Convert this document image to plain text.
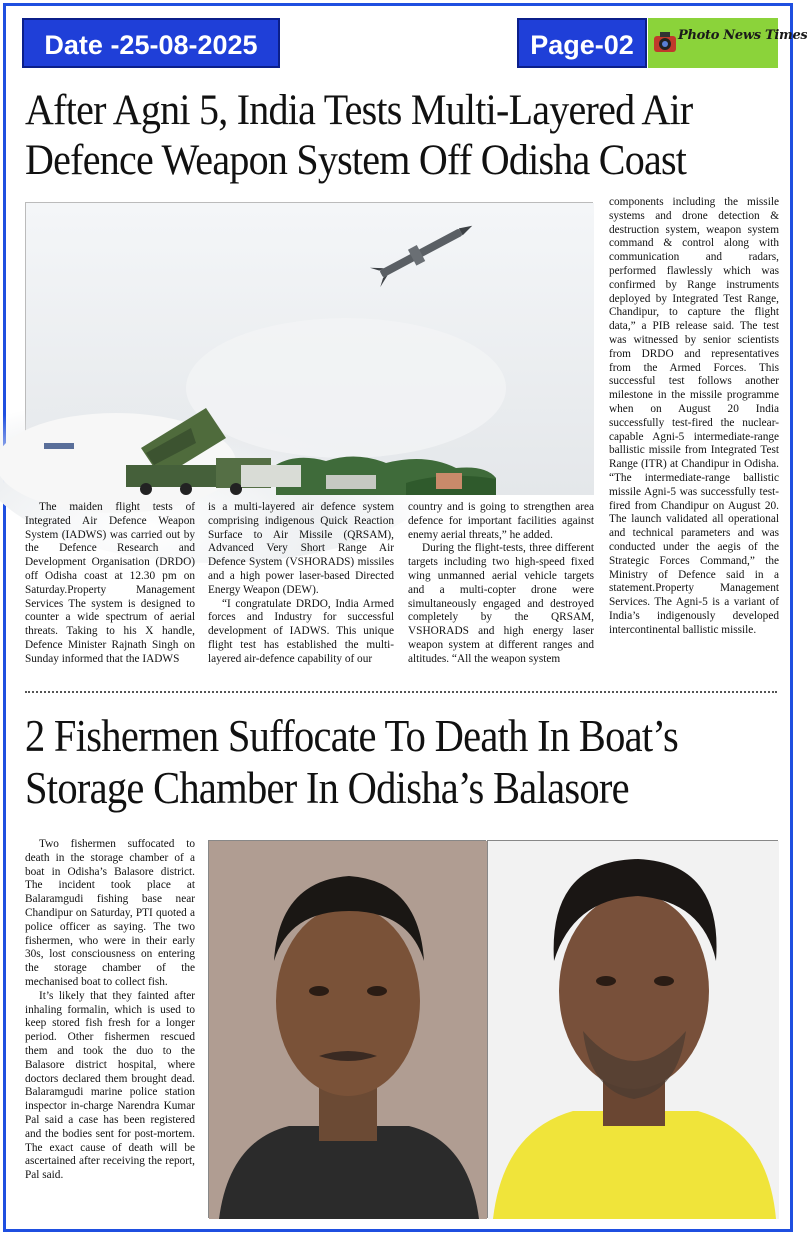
Date -25-08-2025	Page-02	Photo News Times
After Agni 5, India Tests Multi-Layered Air Defence Weapon System Off Odisha Coast

The maiden flight tests of Integrated Air Defence Weapon System (IADWS) was carried out by the Defence Research and Development Organisation (DRDO) off Odisha coast at 12.30 pm on Saturday.Property Management Services The system is designed to counter a wide spectrum of aerial threats. Taking to his X handle, Defence Minister Rajnath Singh on Sunday informed that the IADWS

is a multi-layered air defence system comprising indigenous Quick Reaction Surface to Air Missile (QRSAM), Advanced Very Short Range Air Defence System (VSHORADS) missiles and a high power laser-based Directed Energy Weapon (DEW).

“I congratulate DRDO, India Armed forces and Industry for successful development of IADWS. This unique flight test has established the multi-layered air-defence capability of our

country and is going to strengthen area defence for important facilities against enemy aerial threats,” he added.

During the flight-tests, three different targets including two high-speed fixed wing unmanned aerial vehicle targets and a multi-copter drone were simultaneously engaged and destroyed completely by the QRSAM, VSHORADS and high energy laser weapon system at different ranges and altitudes. “All the weapon system

components including the missile systems and drone detection & destruction system, weapon system command & control along with communication and radars, performed flawlessly which was confirmed by Range instruments deployed by Integrated Test Range, Chandipur, to capture the flight data,” a PIB release said. The test was witnessed by senior scientists from DRDO and representatives from the Armed Forces. This successful test follows another milestone in the missile programme when on August 20 India successfully test-fired the nuclear-capable Agni-5 intermediate-range ballistic missile from Integrated Test Range (ITR) at Chandipur in Odisha. “The intermediate-range ballistic missile Agni-5 was successfully test-fired from Chandipur on August 20. The launch validated all operational and technical parameters and was conducted under the aegis of the Strategic Forces Command,” the Ministry of Defence said in a statement.Property Management Services. The Agni-5 is a variant of India’s indigenously developed intercontinental ballistic missile.

2 Fishermen Suffocate To Death In Boat’s Storage Chamber In Odisha’s Balasore

Two fishermen suffocated to death in the storage chamber of a boat in Odisha’s Balasore district. The incident took place at Balaramgudi fishing base near Chandipur on Saturday, PTI quoted a police officer as saying. The two fishermen, who were in their early 30s, lost consciousness on entering the storage chamber of the mechanised boat to collect fish.

It’s likely that they fainted after inhaling formalin, which is used to keep stored fish fresh for a longer period. Other fishermen rescued them and took the duo to the Balasore district hospital, where doctors declared them brought dead. Balaramgudi marine police station inspector in-charge Narendra Kumar Pal said a case has been registered and the bodies sent for post-mortem. The exact cause of death will be ascertained after receiving the report, Pal said.
